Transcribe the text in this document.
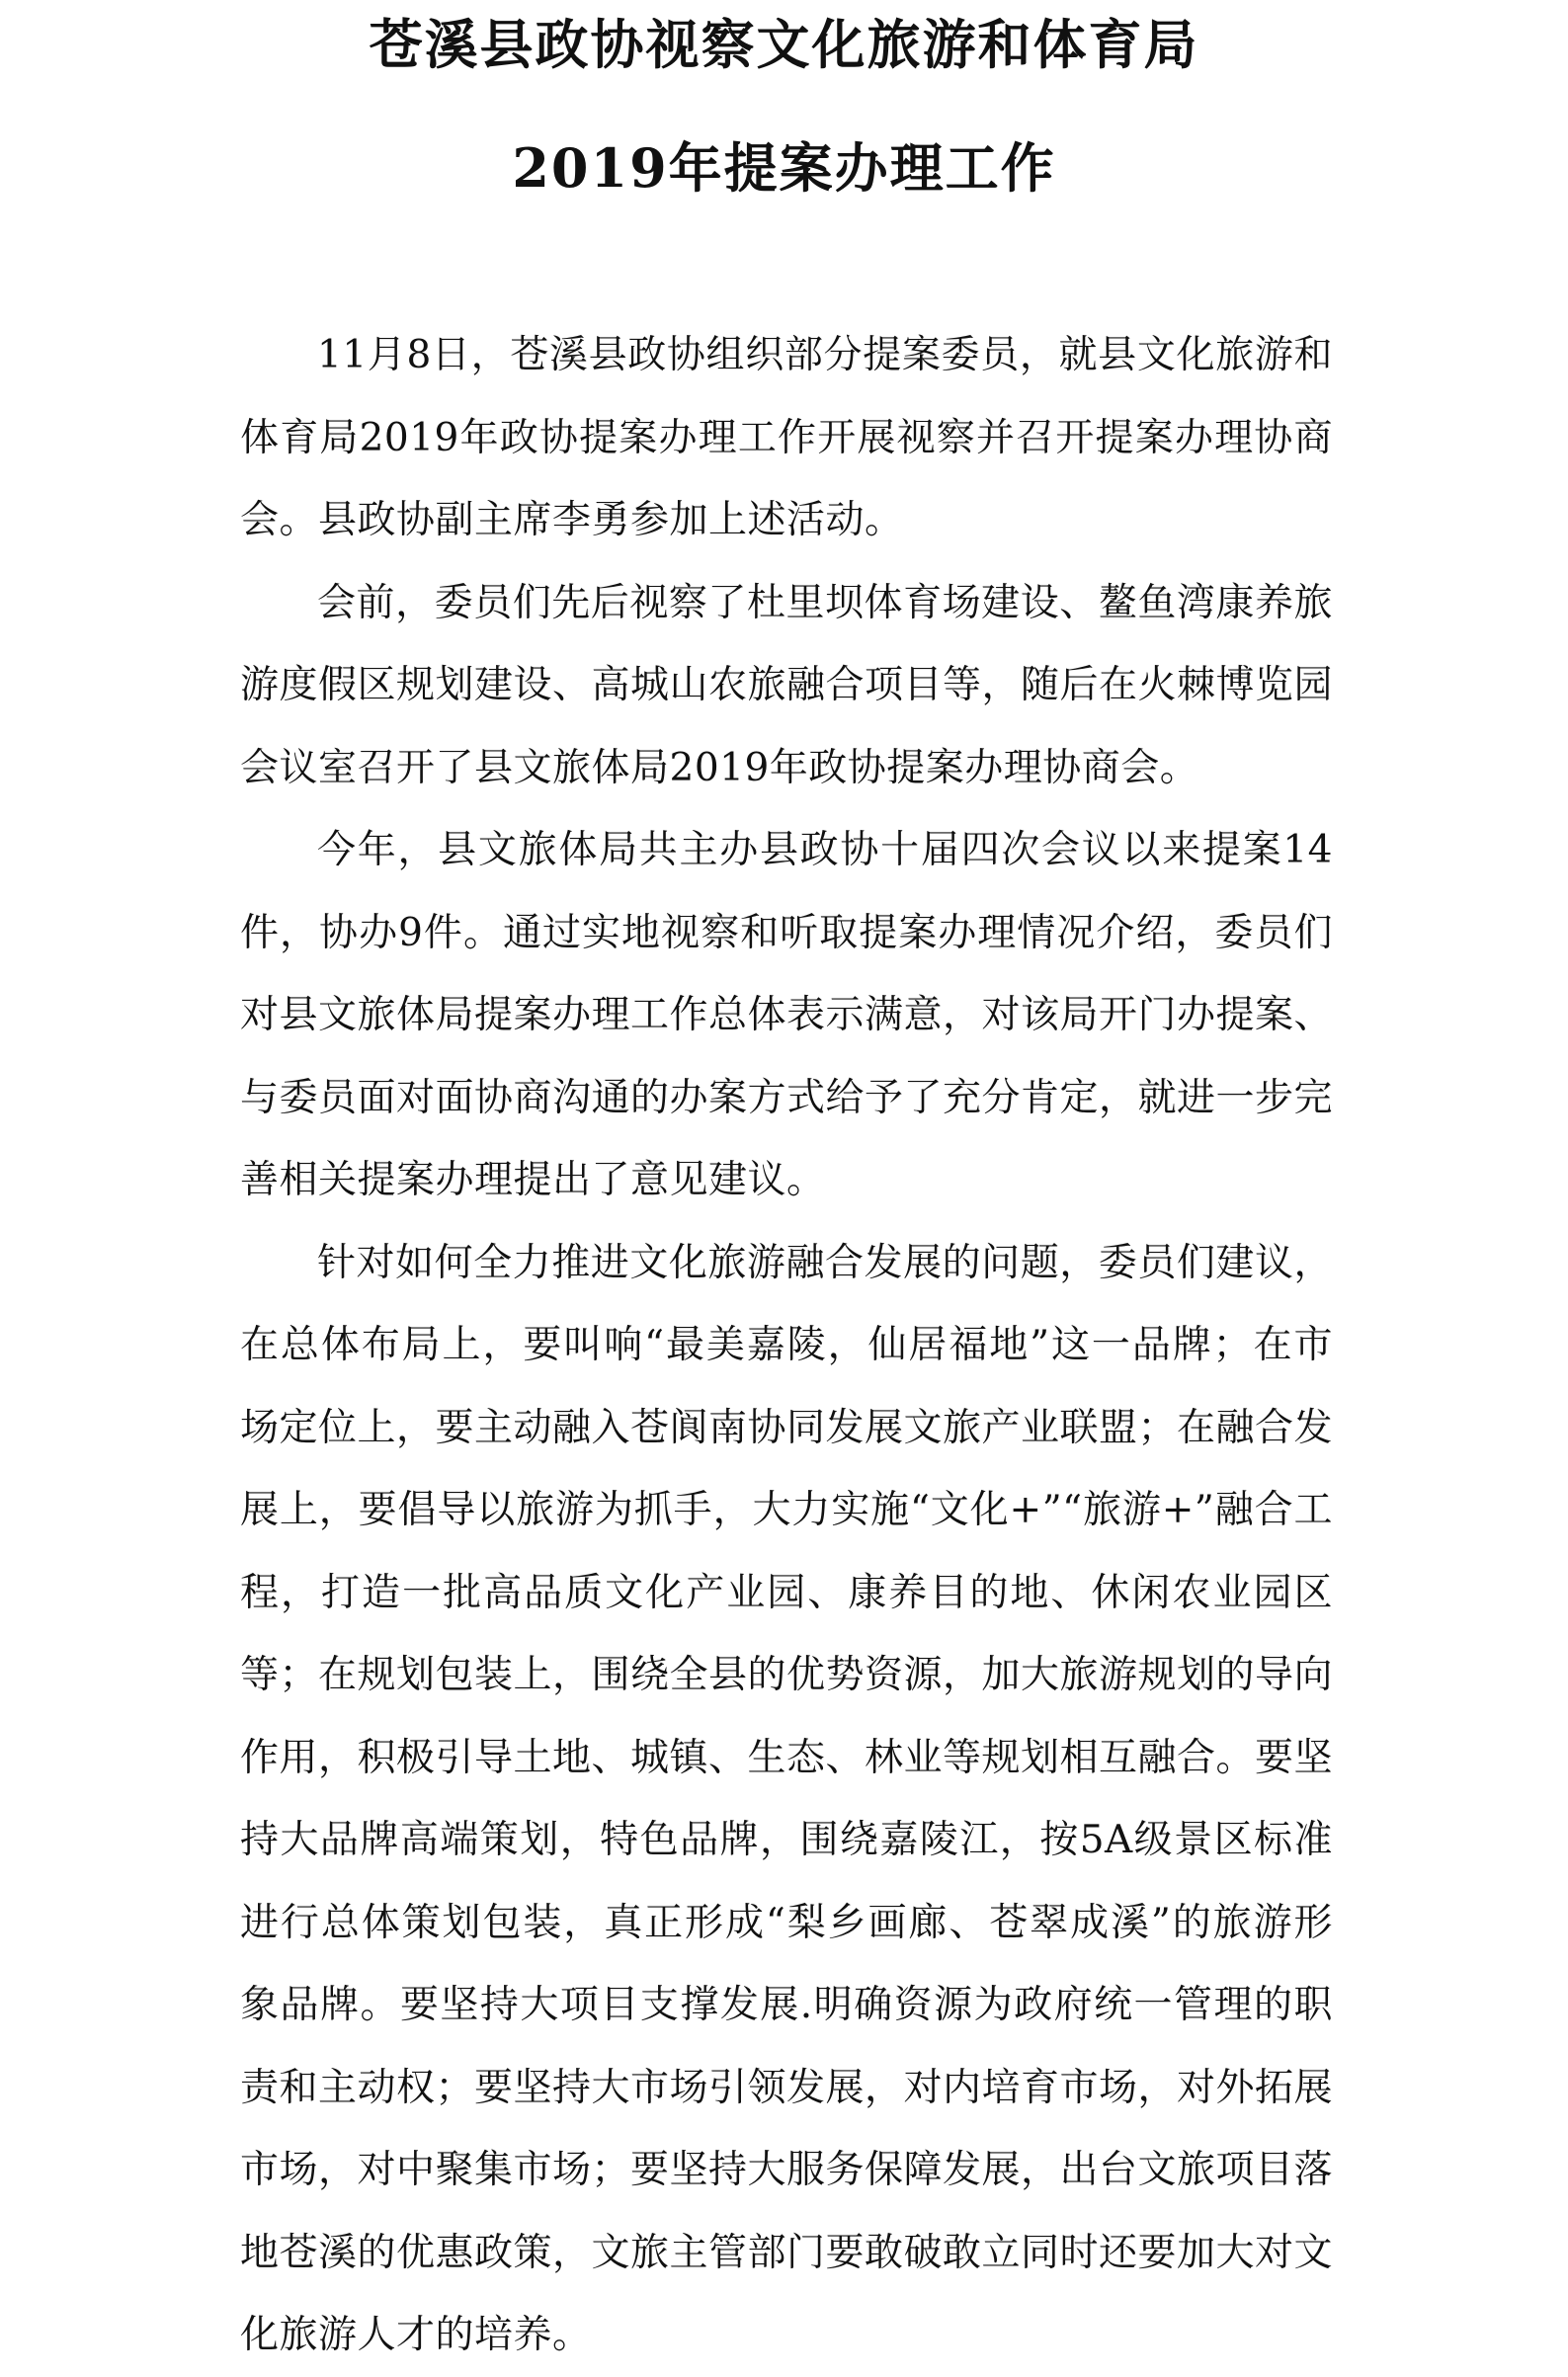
苍溪县政协视察文化旅游和体育局
2019年提案办理工作

11月8日，苍溪县政协组织部分提案委员，就县文化旅游和体育局2019年政协提案办理工作开展视察并召开提案办理协商会。县政协副主席李勇参加上述活动。

会前，委员们先后视察了杜里坝体育场建设、鳌鱼湾康养旅游度假区规划建设、高城山农旅融合项目等，随后在火棘博览园会议室召开了县文旅体局2019年政协提案办理协商会。

今年，县文旅体局共主办县政协十届四次会议以来提案14件，协办9件。通过实地视察和听取提案办理情况介绍，委员们对县文旅体局提案办理工作总体表示满意，对该局开门办提案、与委员面对面协商沟通的办案方式给予了充分肯定，就进一步完善相关提案办理提出了意见建议。

针对如何全力推进文化旅游融合发展的问题，委员们建议，在总体布局上，要叫响“最美嘉陵，仙居福地”这一品牌；在市场定位上，要主动融入苍阆南协同发展文旅产业联盟；在融合发展上，要倡导以旅游为抓手，大力实施“文化+”“旅游+”融合工程，打造一批高品质文化产业园、康养目的地、休闲农业园区等；在规划包装上，围绕全县的优势资源，加大旅游规划的导向作用，积极引导土地、城镇、生态、林业等规划相互融合。要坚持大品牌高端策划，特色品牌，围绕嘉陵江，按5A级景区标准进行总体策划包装，真正形成“梨乡画廊、苍翠成溪”的旅游形象品牌。要坚持大项目支撑发展.明确资源为政府统一管理的职责和主动权；要坚持大市场引领发展，对内培育市场，对外拓展市场，对中聚集市场；要坚持大服务保障发展，出台文旅项目落地苍溪的优惠政策，文旅主管部门要敢破敢立同时还要加大对文化旅游人才的培养。
